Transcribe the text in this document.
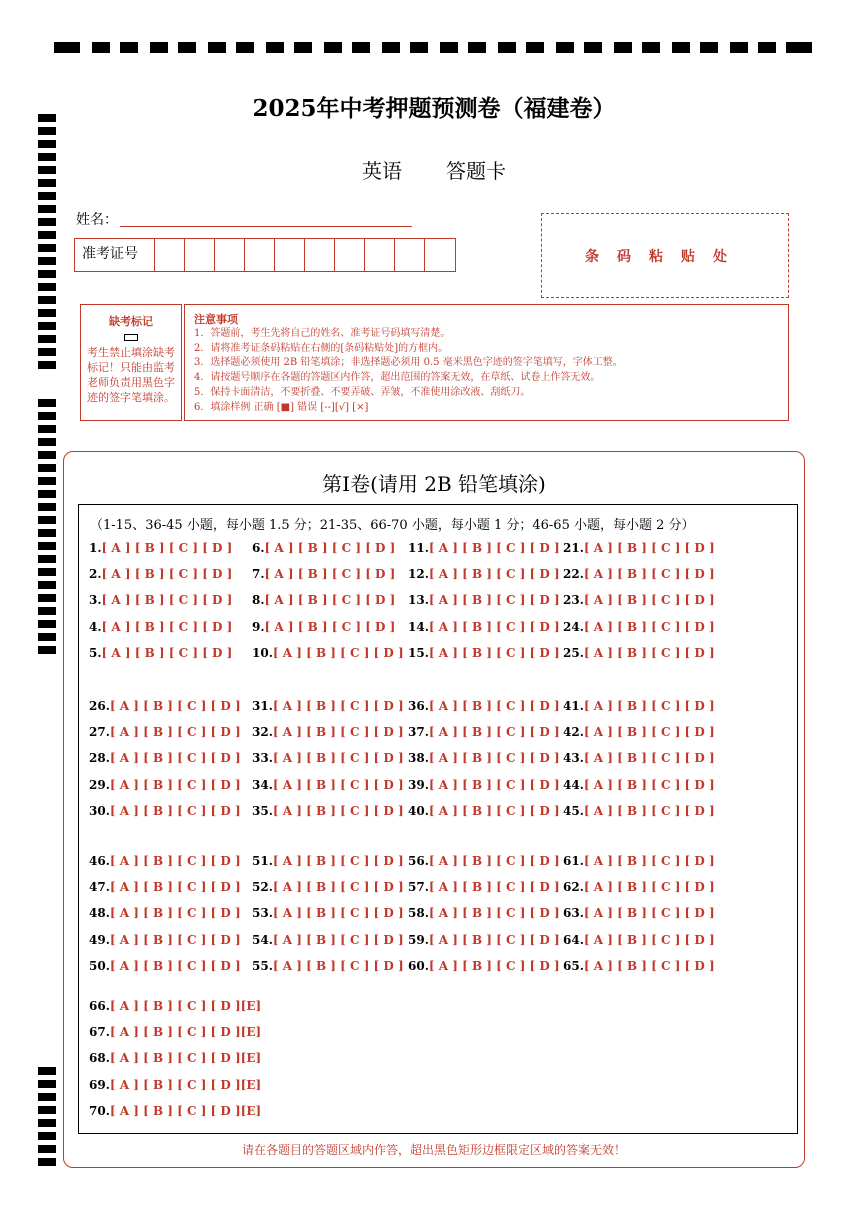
2025年中考押题预测卷（福建卷）
英语 答题卡
姓名：
准考证号	条码粘贴处
缺考标记
考生禁止填涂缺考标记！只能由监考老师负责用黑色字迹的签字笔填涂。
注意事项
1．答题前，考生先将自己的姓名、准考证号码填写清楚。
2．请将准考证条码粘贴在右侧的[条码粘贴处]的方框内。
3．选择题必须使用 2B 铅笔填涂；非选择题必须用 0.5 毫米黑色字迹的签字笔填写，字体工整。
4．请按题号顺序在各题的答题区内作答，超出范围的答案无效，在草纸、试卷上作答无效。
5．保持卡面清洁，不要折叠、不要弄破、弄皱，不准使用涂改液、刮纸刀。
6．填涂样例 正确 [■] 错误 [--][√] [×]
第Ⅰ卷(请用 2B 铅笔填涂)
（1-15、36-45 小题，每小题 1.5 分；21-35、66-70 小题，每小题 1 分；46-65 小题，每小题 2 分）
1.[ A ] [ B ] [ C ] [ D ]
2.[ A ] [ B ] [ C ] [ D ]
3.[ A ] [ B ] [ C ] [ D ]
4.[ A ] [ B ] [ C ] [ D ]
5.[ A ] [ B ] [ C ] [ D ]
6.[ A ] [ B ] [ C ] [ D ]
7.[ A ] [ B ] [ C ] [ D ]
8.[ A ] [ B ] [ C ] [ D ]
9.[ A ] [ B ] [ C ] [ D ]
10.[ A ] [ B ] [ C ] [ D ]
11.[ A ] [ B ] [ C ] [ D ]
12.[ A ] [ B ] [ C ] [ D ]
13.[ A ] [ B ] [ C ] [ D ]
14.[ A ] [ B ] [ C ] [ D ]
15.[ A ] [ B ] [ C ] [ D ]
21.[ A ] [ B ] [ C ] [ D ]
22.[ A ] [ B ] [ C ] [ D ]
23.[ A ] [ B ] [ C ] [ D ]
24.[ A ] [ B ] [ C ] [ D ]
25.[ A ] [ B ] [ C ] [ D ]
26.[ A ] [ B ] [ C ] [ D ]
27.[ A ] [ B ] [ C ] [ D ]
28.[ A ] [ B ] [ C ] [ D ]
29.[ A ] [ B ] [ C ] [ D ]
30.[ A ] [ B ] [ C ] [ D ]
31.[ A ] [ B ] [ C ] [ D ]
32.[ A ] [ B ] [ C ] [ D ]
33.[ A ] [ B ] [ C ] [ D ]
34.[ A ] [ B ] [ C ] [ D ]
35.[ A ] [ B ] [ C ] [ D ]
36.[ A ] [ B ] [ C ] [ D ]
37.[ A ] [ B ] [ C ] [ D ]
38.[ A ] [ B ] [ C ] [ D ]
39.[ A ] [ B ] [ C ] [ D ]
40.[ A ] [ B ] [ C ] [ D ]
41.[ A ] [ B ] [ C ] [ D ]
42.[ A ] [ B ] [ C ] [ D ]
43.[ A ] [ B ] [ C ] [ D ]
44.[ A ] [ B ] [ C ] [ D ]
45.[ A ] [ B ] [ C ] [ D ]
46.[ A ] [ B ] [ C ] [ D ]
47.[ A ] [ B ] [ C ] [ D ]
48.[ A ] [ B ] [ C ] [ D ]
49.[ A ] [ B ] [ C ] [ D ]
50.[ A ] [ B ] [ C ] [ D ]
51.[ A ] [ B ] [ C ] [ D ]
52.[ A ] [ B ] [ C ] [ D ]
53.[ A ] [ B ] [ C ] [ D ]
54.[ A ] [ B ] [ C ] [ D ]
55.[ A ] [ B ] [ C ] [ D ]
56.[ A ] [ B ] [ C ] [ D ]
57.[ A ] [ B ] [ C ] [ D ]
58.[ A ] [ B ] [ C ] [ D ]
59.[ A ] [ B ] [ C ] [ D ]
60.[ A ] [ B ] [ C ] [ D ]
61.[ A ] [ B ] [ C ] [ D ]
62.[ A ] [ B ] [ C ] [ D ]
63.[ A ] [ B ] [ C ] [ D ]
64.[ A ] [ B ] [ C ] [ D ]
65.[ A ] [ B ] [ C ] [ D ]
66.[ A ] [ B ] [ C ] [ D ][E]
67.[ A ] [ B ] [ C ] [ D ][E]
68.[ A ] [ B ] [ C ] [ D ][E]
69.[ A ] [ B ] [ C ] [ D ][E]
70.[ A ] [ B ] [ C ] [ D ][E]
请在各题目的答题区域内作答，超出黑色矩形边框限定区域的答案无效！
